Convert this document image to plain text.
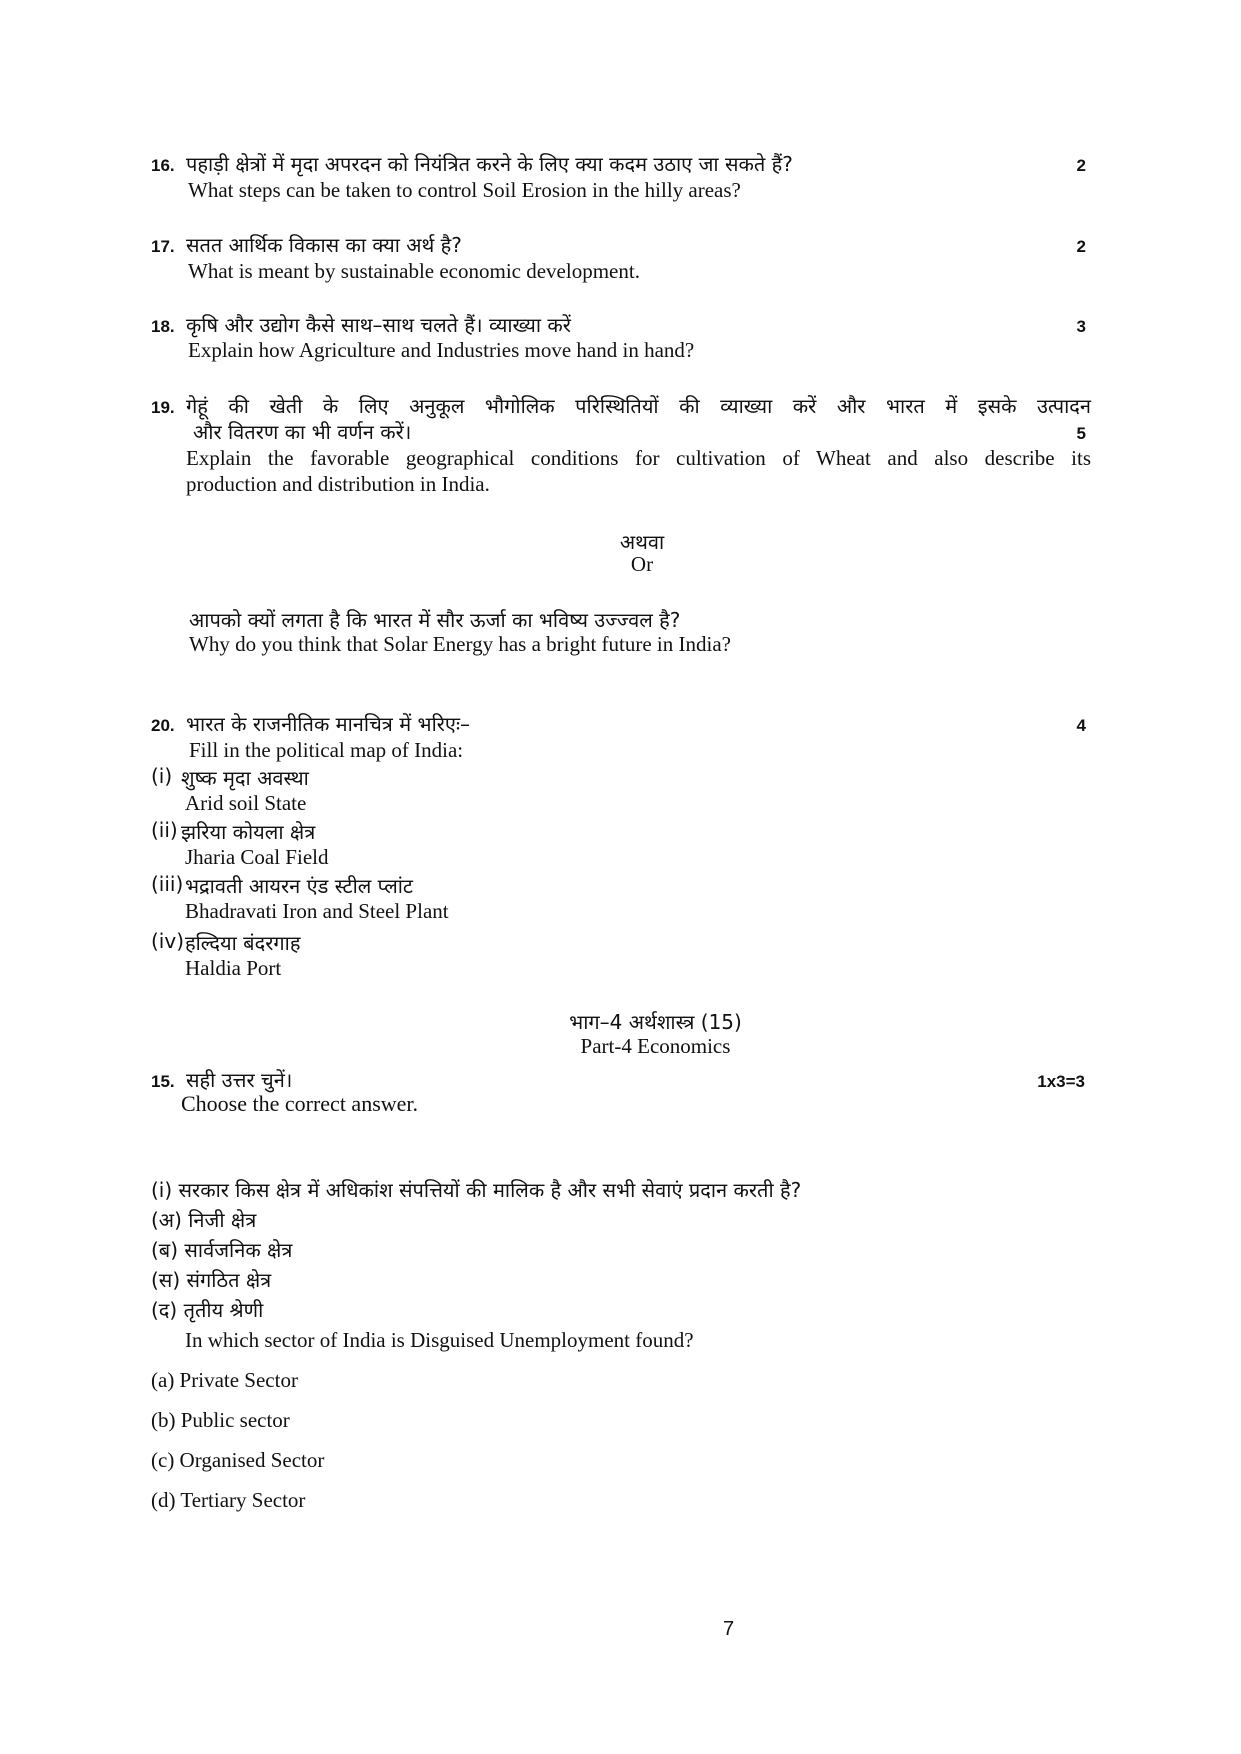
16. पहाड़ी क्षेत्रों में मृदा अपरदन को नियंत्रित करने के लिए क्या कदम उठाए जा सकते हैं?	2
What steps can be taken to control Soil Erosion in the hilly areas?
17. सतत आर्थिक विकास का क्या अर्थ है?	2
What is meant by sustainable economic development.
18. कृषि और उद्योग कैसे साथ–साथ चलते हैं। व्याख्या करें	3
Explain how Agriculture and Industries move hand in hand?
19. गेहूं की खेती के लिए अनुकूल भौगोलिक परिस्थितियों की व्याख्या करें और भारत में इसके उत्पादन
और वितरण का भी वर्णन करें।	5
Explain the favorable geographical conditions for cultivation of Wheat and also describe its
production and distribution in India.
अथवा
Or
आपको क्यों लगता है कि भारत में सौर ऊर्जा का भविष्य उज्ज्वल है?
Why do you think that Solar Energy has a bright future in India?
20. भारत के राजनीतिक मानचित्र में भरिएः–	4
Fill in the political map of India:
(i) शुष्क मृदा अवस्था
Arid soil State
(ii) झरिया कोयला क्षेत्र
Jharia Coal Field
(iii) भद्रावती आयरन एंड स्टील प्लांट
Bhadravati Iron and Steel Plant
(iv) हल्दिया बंदरगाह
Haldia Port
भाग–4 अर्थशास्त्र (15)
Part-4 Economics
15. सही उत्तर चुनें।	1x3=3
Choose the correct answer.
(i) सरकार किस क्षेत्र में अधिकांश संपत्तियों की मालिक है और सभी सेवाएं प्रदान करती है?
(अ) निजी क्षेत्र
(ब) सार्वजनिक क्षेत्र
(स) संगठित क्षेत्र
(द) तृतीय श्रेणी
In which sector of India is Disguised Unemployment found?
(a) Private Sector
(b) Public sector
(c) Organised Sector
(d) Tertiary Sector
7
